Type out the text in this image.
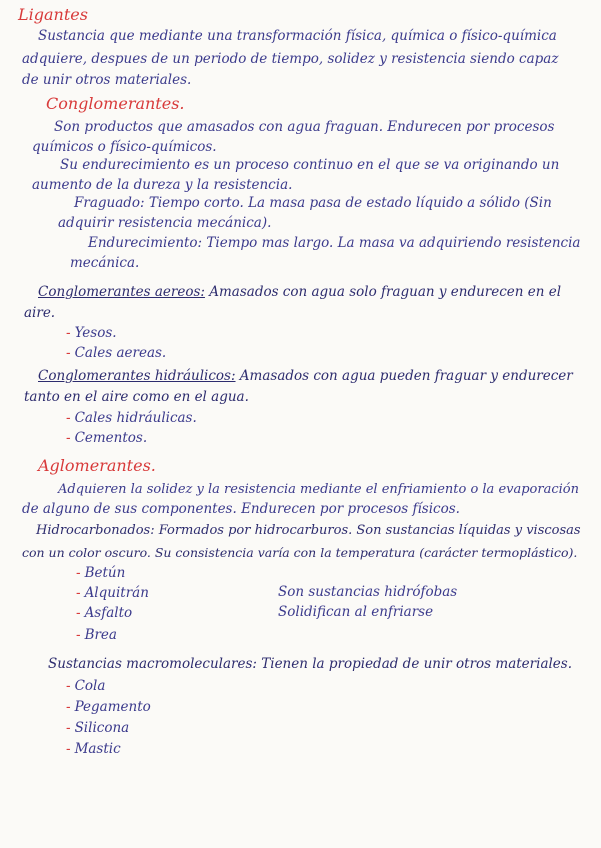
Ligantes
Sustancia que mediante una transformación física, química o físico-química
adquiere, despues de un periodo de tiempo, solidez y resistencia siendo capaz
de unir otros materiales.
Conglomerantes.
Son productos que amasados con agua fraguan. Endurecen por procesos
químicos o físico-químicos.
Su endurecimiento es un proceso continuo en el que se va originando un
aumento de la dureza y la resistencia.
Fraguado: Tiempo corto. La masa pasa de estado líquido a sólido (Sin
adquirir resistencia mecánica).
Endurecimiento: Tiempo mas largo. La masa va adquiriendo resistencia
mecánica.
Conglomerantes aereos: Amasados con agua solo fraguan y endurecen en el
aire.
- Yesos.
- Cales aereas.
Conglomerantes hidráulicos: Amasados con agua pueden fraguar y endurecer
tanto en el aire como en el agua.
- Cales hidráulicas.
- Cementos.
Aglomerantes.
Adquieren la solidez y la resistencia mediante el enfriamiento o la evaporación
de alguno de sus componentes. Endurecen por procesos físicos.
Hidrocarbonados: Formados por hidrocarburos. Son sustancias líquidas y viscosas
con un color oscuro. Su consistencia varía con la temperatura (carácter termoplástico).
- Betún
- Alquitrán
- Asfalto
- Brea
Son sustancias hidrófobas
Solidifican al enfriarse
Sustancias macromoleculares: Tienen la propiedad de unir otros materiales.
- Cola
- Pegamento
- Silicona
- Mastic
